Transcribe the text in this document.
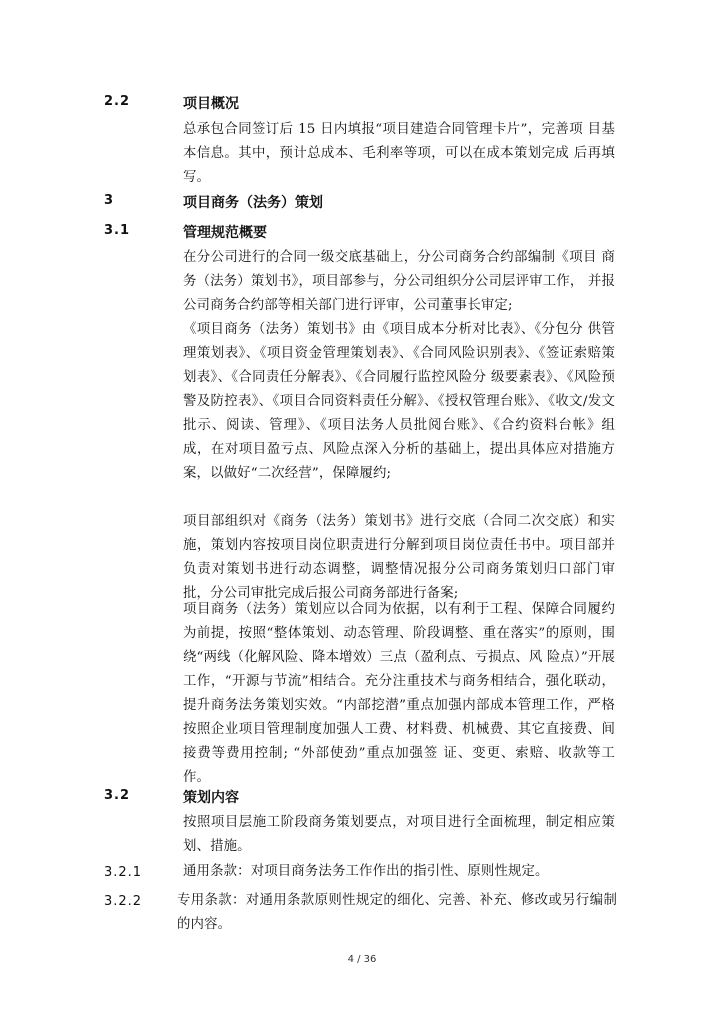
2.2	项目概况
总承包合同签订后 15 日内填报“项目建造合同管理卡片”，完善项 目基本信息。其中，预计总成本、毛利率等项，可以在成本策划完成 后再填写。
3	项目商务（法务）策划
3.1	管理规范概要
在分公司进行的合同一级交底基础上，分公司商务合约部编制《项目 商务（法务）策划书》，项目部参与，分公司组织分公司层评审工作， 并报公司商务合约部等相关部门进行评审，公司董事长审定;
《项目商务（法务）策划书》由《项目成本分析对比表》、《分包分 供管理策划表》、《项目资金管理策划表》、《合同风险识别表》、《签证索赔策划表》、《合同责任分解表》、《合同履行监控风险分 级要素表》、《风险预警及防控表》、《项目合同资料责任分解》、《授权管理台账》、《收文/发文批示、阅读、管理》、《项目法务人员批阅台账》、《合约资料台帐》组成，在对项目盈亏点、风险点深入分析的基础上，提出具体应对措施方案，以做好“二次经营”，保障履约;
项目部组织对《商务（法务）策划书》进行交底（合同二次交底）和实施，策划内容按项目岗位职责进行分解到项目岗位责任书中。项目部并负责对策划书进行动态调整，调整情况报分公司商务策划归口部门审批，分公司审批完成后报公司商务部进行备案;
项目商务（法务）策划应以合同为依据，以有利于工程、保障合同履约为前提，按照“整体策划、动态管理、阶段调整、重在落实”的原则，围绕“两线（化解风险、降本增效）三点（盈利点、亏损点、风 险点）”开展工作，“开源与节流”相结合。充分注重技术与商务相结合，强化联动， 提升商务法务策划实效。“内部挖潜”重点加强内部成本管理工作，严格按照企业项目管理制度加强人工费、材料费、机械费、其它直接费、间接费等费用控制; “外部使劲”重点加强签 证、变更、索赔、收款等工作。
3.2	策划内容
按照项目层施工阶段商务策划要点，对项目进行全面梳理，制定相应策划、措施。
3.2.1	通用条款：对项目商务法务工作作出的指引性、原则性规定。
3.2.2	专用条款：对通用条款原则性规定的细化、完善、补充、修改或另行编制的内容。
4 / 36
